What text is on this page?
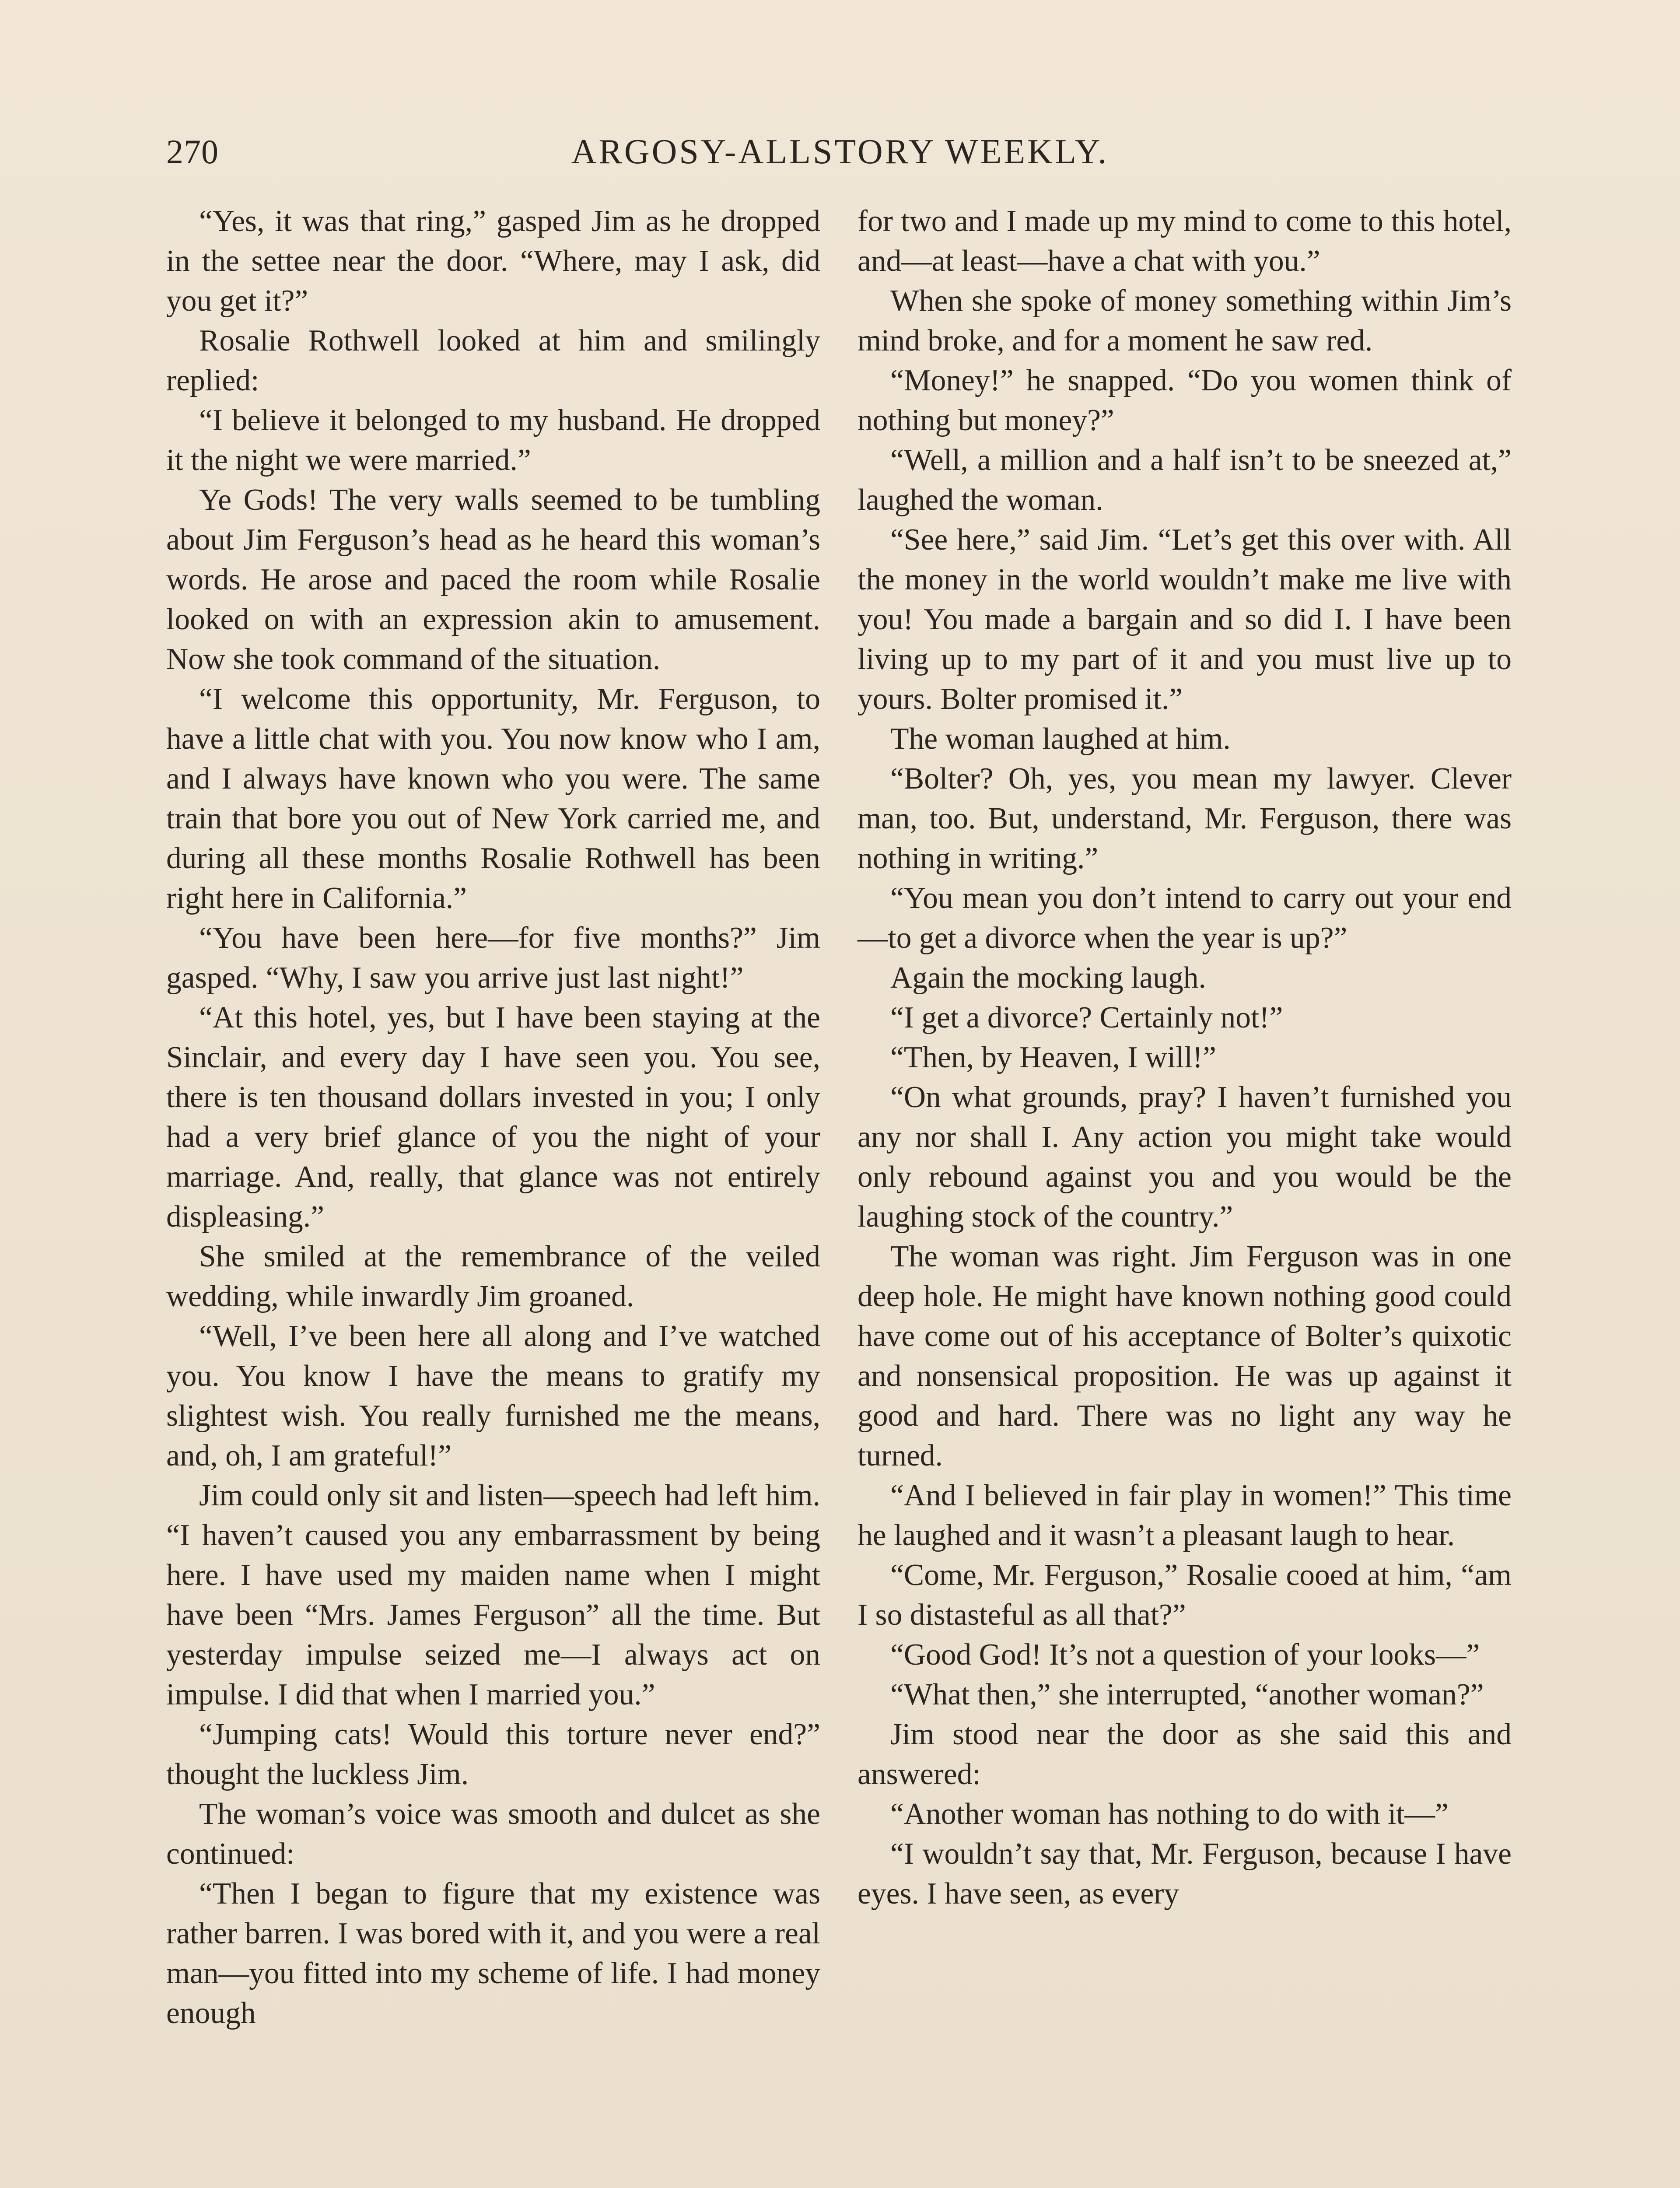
270	ARGOSY-ALLSTORY WEEKLY.

“Yes, it was that ring,” gasped Jim as he dropped in the settee near the door. “Where, may I ask, did you get it?”

Rosalie Rothwell looked at him and smilingly replied:

“I believe it belonged to my husband. He dropped it the night we were married.”

Ye Gods! The very walls seemed to be tumbling about Jim Ferguson’s head as he heard this woman’s words. He arose and paced the room while Rosalie looked on with an expression akin to amusement. Now she took command of the situation.

“I welcome this opportunity, Mr. Ferguson, to have a little chat with you. You now know who I am, and I always have known who you were. The same train that bore you out of New York carried me, and during all these months Rosalie Rothwell has been right here in California.”

“You have been here—for five months?” Jim gasped. “Why, I saw you arrive just last night!”

“At this hotel, yes, but I have been staying at the Sinclair, and every day I have seen you. You see, there is ten thousand dollars invested in you; I only had a very brief glance of you the night of your marriage. And, really, that glance was not entirely displeasing.”

She smiled at the remembrance of the veiled wedding, while inwardly Jim groaned.

“Well, I’ve been here all along and I’ve watched you. You know I have the means to gratify my slightest wish. You really furnished me the means, and, oh, I am grateful!”

Jim could only sit and listen—speech had left him. “I haven’t caused you any embarrassment by being here. I have used my maiden name when I might have been “Mrs. James Ferguson” all the time. But yesterday impulse seized me—I always act on impulse. I did that when I married you.”

“Jumping cats! Would this torture never end?” thought the luckless Jim.

The woman’s voice was smooth and dulcet as she continued:

“Then I began to figure that my existence was rather barren. I was bored with it, and you were a real man—you fitted into my scheme of life. I had money enough

for two and I made up my mind to come to this hotel, and—at least—have a chat with you.”

When she spoke of money something within Jim’s mind broke, and for a moment he saw red.

“Money!” he snapped. “Do you women think of nothing but money?”

“Well, a million and a half isn’t to be sneezed at,” laughed the woman.

“See here,” said Jim. “Let’s get this over with. All the money in the world wouldn’t make me live with you! You made a bargain and so did I. I have been living up to my part of it and you must live up to yours. Bolter promised it.”

The woman laughed at him.

“Bolter? Oh, yes, you mean my lawyer. Clever man, too. But, understand, Mr. Ferguson, there was nothing in writing.”

“You mean you don’t intend to carry out your end—to get a divorce when the year is up?”

Again the mocking laugh.

“I get a divorce? Certainly not!”

“Then, by Heaven, I will!”

“On what grounds, pray? I haven’t furnished you any nor shall I. Any action you might take would only rebound against you and you would be the laughing stock of the country.”

The woman was right. Jim Ferguson was in one deep hole. He might have known nothing good could have come out of his acceptance of Bolter’s quixotic and nonsensical proposition. He was up against it good and hard. There was no light any way he turned.

“And I believed in fair play in women!” This time he laughed and it wasn’t a pleasant laugh to hear.

“Come, Mr. Ferguson,” Rosalie cooed at him, “am I so distasteful as all that?”

“Good God! It’s not a question of your looks—”

“What then,” she interrupted, “another woman?”

Jim stood near the door as she said this and answered:

“Another woman has nothing to do with it—”

“I wouldn’t say that, Mr. Ferguson, because I have eyes. I have seen, as every
